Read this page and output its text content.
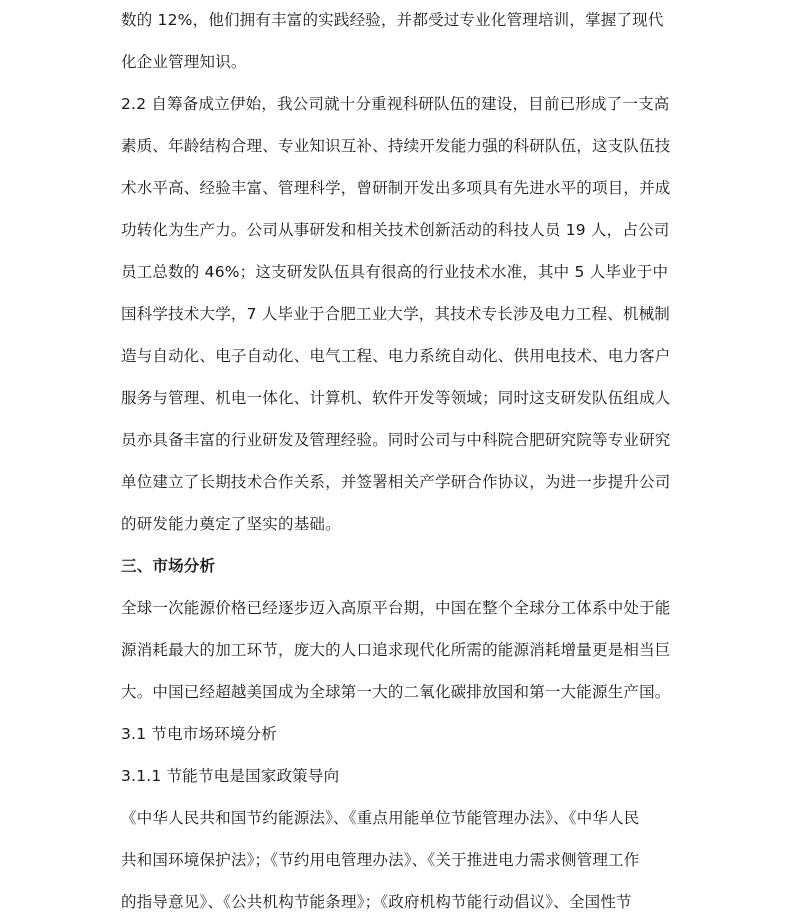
数的 12%，他们拥有丰富的实践经验，并都受过专业化管理培训，掌握了现代
化企业管理知识。
2.2 自筹备成立伊始，我公司就十分重视科研队伍的建设，目前已形成了一支高
素质、年龄结构合理、专业知识互补、持续开发能力强的科研队伍，这支队伍技
术水平高、经验丰富、管理科学，曾研制开发出多项具有先进水平的项目，并成
功转化为生产力。公司从事研发和相关技术创新活动的科技人员 19 人，占公司
员工总数的 46%；这支研发队伍具有很高的行业技术水准，其中 5 人毕业于中
国科学技术大学，7 人毕业于合肥工业大学，其技术专长涉及电力工程、机械制
造与自动化、电子自动化、电气工程、电力系统自动化、供用电技术、电力客户
服务与管理、机电一体化、计算机、软件开发等领域；同时这支研发队伍组成人
员亦具备丰富的行业研发及管理经验。同时公司与中科院合肥研究院等专业研究
单位建立了长期技术合作关系，并签署相关产学研合作协议，为进一步提升公司
的研发能力奠定了坚实的基础。
三、市场分析
全球一次能源价格已经逐步迈入高原平台期，中国在整个全球分工体系中处于能
源消耗最大的加工环节，庞大的人口追求现代化所需的能源消耗增量更是相当巨
大。中国已经超越美国成为全球第一大的二氧化碳排放国和第一大能源生产国。
3.1 节电市场环境分析
3.1.1 节能节电是国家政策导向
《中华人民共和国节约能源法》、《重点用能单位节能管理办法》、《中华人民
共和国环境保护法》；《节约用电管理办法》、《关于推进电力需求侧管理工作
的指导意见》、《公共机构节能条理》；《政府机构节能行动倡议》、全国性节
